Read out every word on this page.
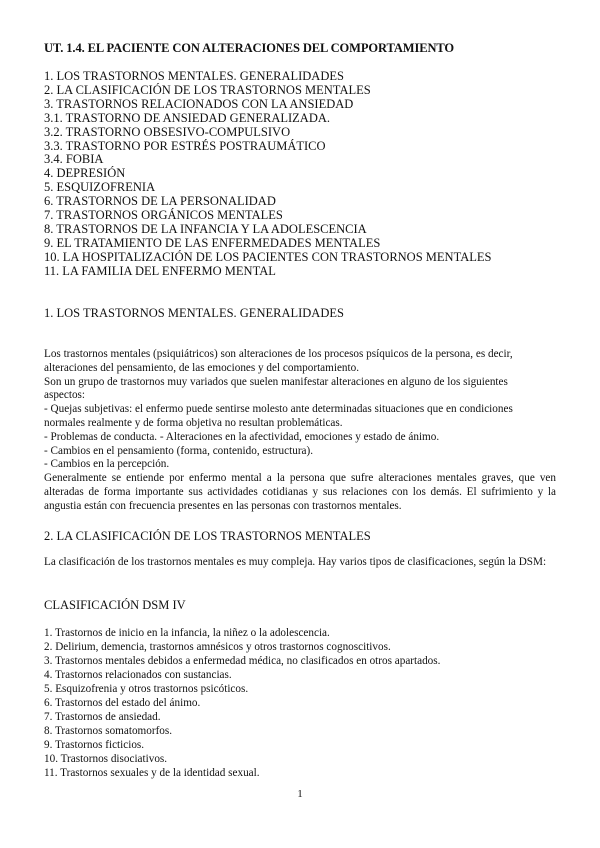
UT. 1.4. EL PACIENTE CON ALTERACIONES DEL COMPORTAMIENTO
1. LOS TRASTORNOS MENTALES. GENERALIDADES
2. LA CLASIFICACIÓN DE LOS TRASTORNOS MENTALES
3. TRASTORNOS RELACIONADOS CON LA ANSIEDAD
3.1. TRASTORNO DE ANSIEDAD GENERALIZADA.
3.2. TRASTORNO OBSESIVO-COMPULSIVO
3.3. TRASTORNO POR ESTRÉS POSTRAUMÁTICO
3.4. FOBIA
4. DEPRESIÓN
5. ESQUIZOFRENIA
6. TRASTORNOS DE LA PERSONALIDAD
7. TRASTORNOS ORGÁNICOS MENTALES
8. TRASTORNOS DE LA INFANCIA Y LA ADOLESCENCIA
9. EL TRATAMIENTO DE LAS ENFERMEDADES MENTALES
10. LA HOSPITALIZACIÓN DE LOS PACIENTES CON TRASTORNOS MENTALES
11. LA FAMILIA DEL ENFERMO MENTAL
1. LOS TRASTORNOS MENTALES. GENERALIDADES
Los trastornos mentales (psiquiátricos) son alteraciones de los procesos psíquicos de la persona, es decir,
alteraciones del pensamiento, de las emociones y del comportamiento.
Son un grupo de trastornos muy variados que suelen manifestar alteraciones en alguno de los siguientes
aspectos:
- Quejas subjetivas: el enfermo puede sentirse molesto ante determinadas situaciones que en condiciones
normales realmente y de forma objetiva no resultan problemáticas.
- Problemas de conducta. - Alteraciones en la afectividad, emociones y estado de ánimo.
- Cambios en el pensamiento (forma, contenido, estructura).
- Cambios en la percepción.
Generalmente se entiende por enfermo mental a la persona que sufre alteraciones mentales graves, que ven alteradas de forma importante sus actividades cotidianas y sus relaciones con los demás. El sufrimiento y la angustia están con frecuencia presentes en las personas con trastornos mentales.
2. LA CLASIFICACIÓN DE LOS TRASTORNOS MENTALES
La clasificación de los trastornos mentales es muy compleja. Hay varios tipos de clasificaciones, según la DSM:
CLASIFICACIÓN DSM IV
1. Trastornos de inicio en la infancia, la niñez o la adolescencia.
2. Delirium, demencia, trastornos amnésicos y otros trastornos cognoscitivos.
3. Trastornos mentales debidos a enfermedad médica, no clasificados en otros apartados.
4. Trastornos relacionados con sustancias.
5. Esquizofrenia y otros trastornos psicóticos.
6. Trastornos del estado del ánimo.
7. Trastornos de ansiedad.
8. Trastornos somatomorfos.
9. Trastornos ficticios.
10. Trastornos disociativos.
11. Trastornos sexuales y de la identidad sexual.
1
